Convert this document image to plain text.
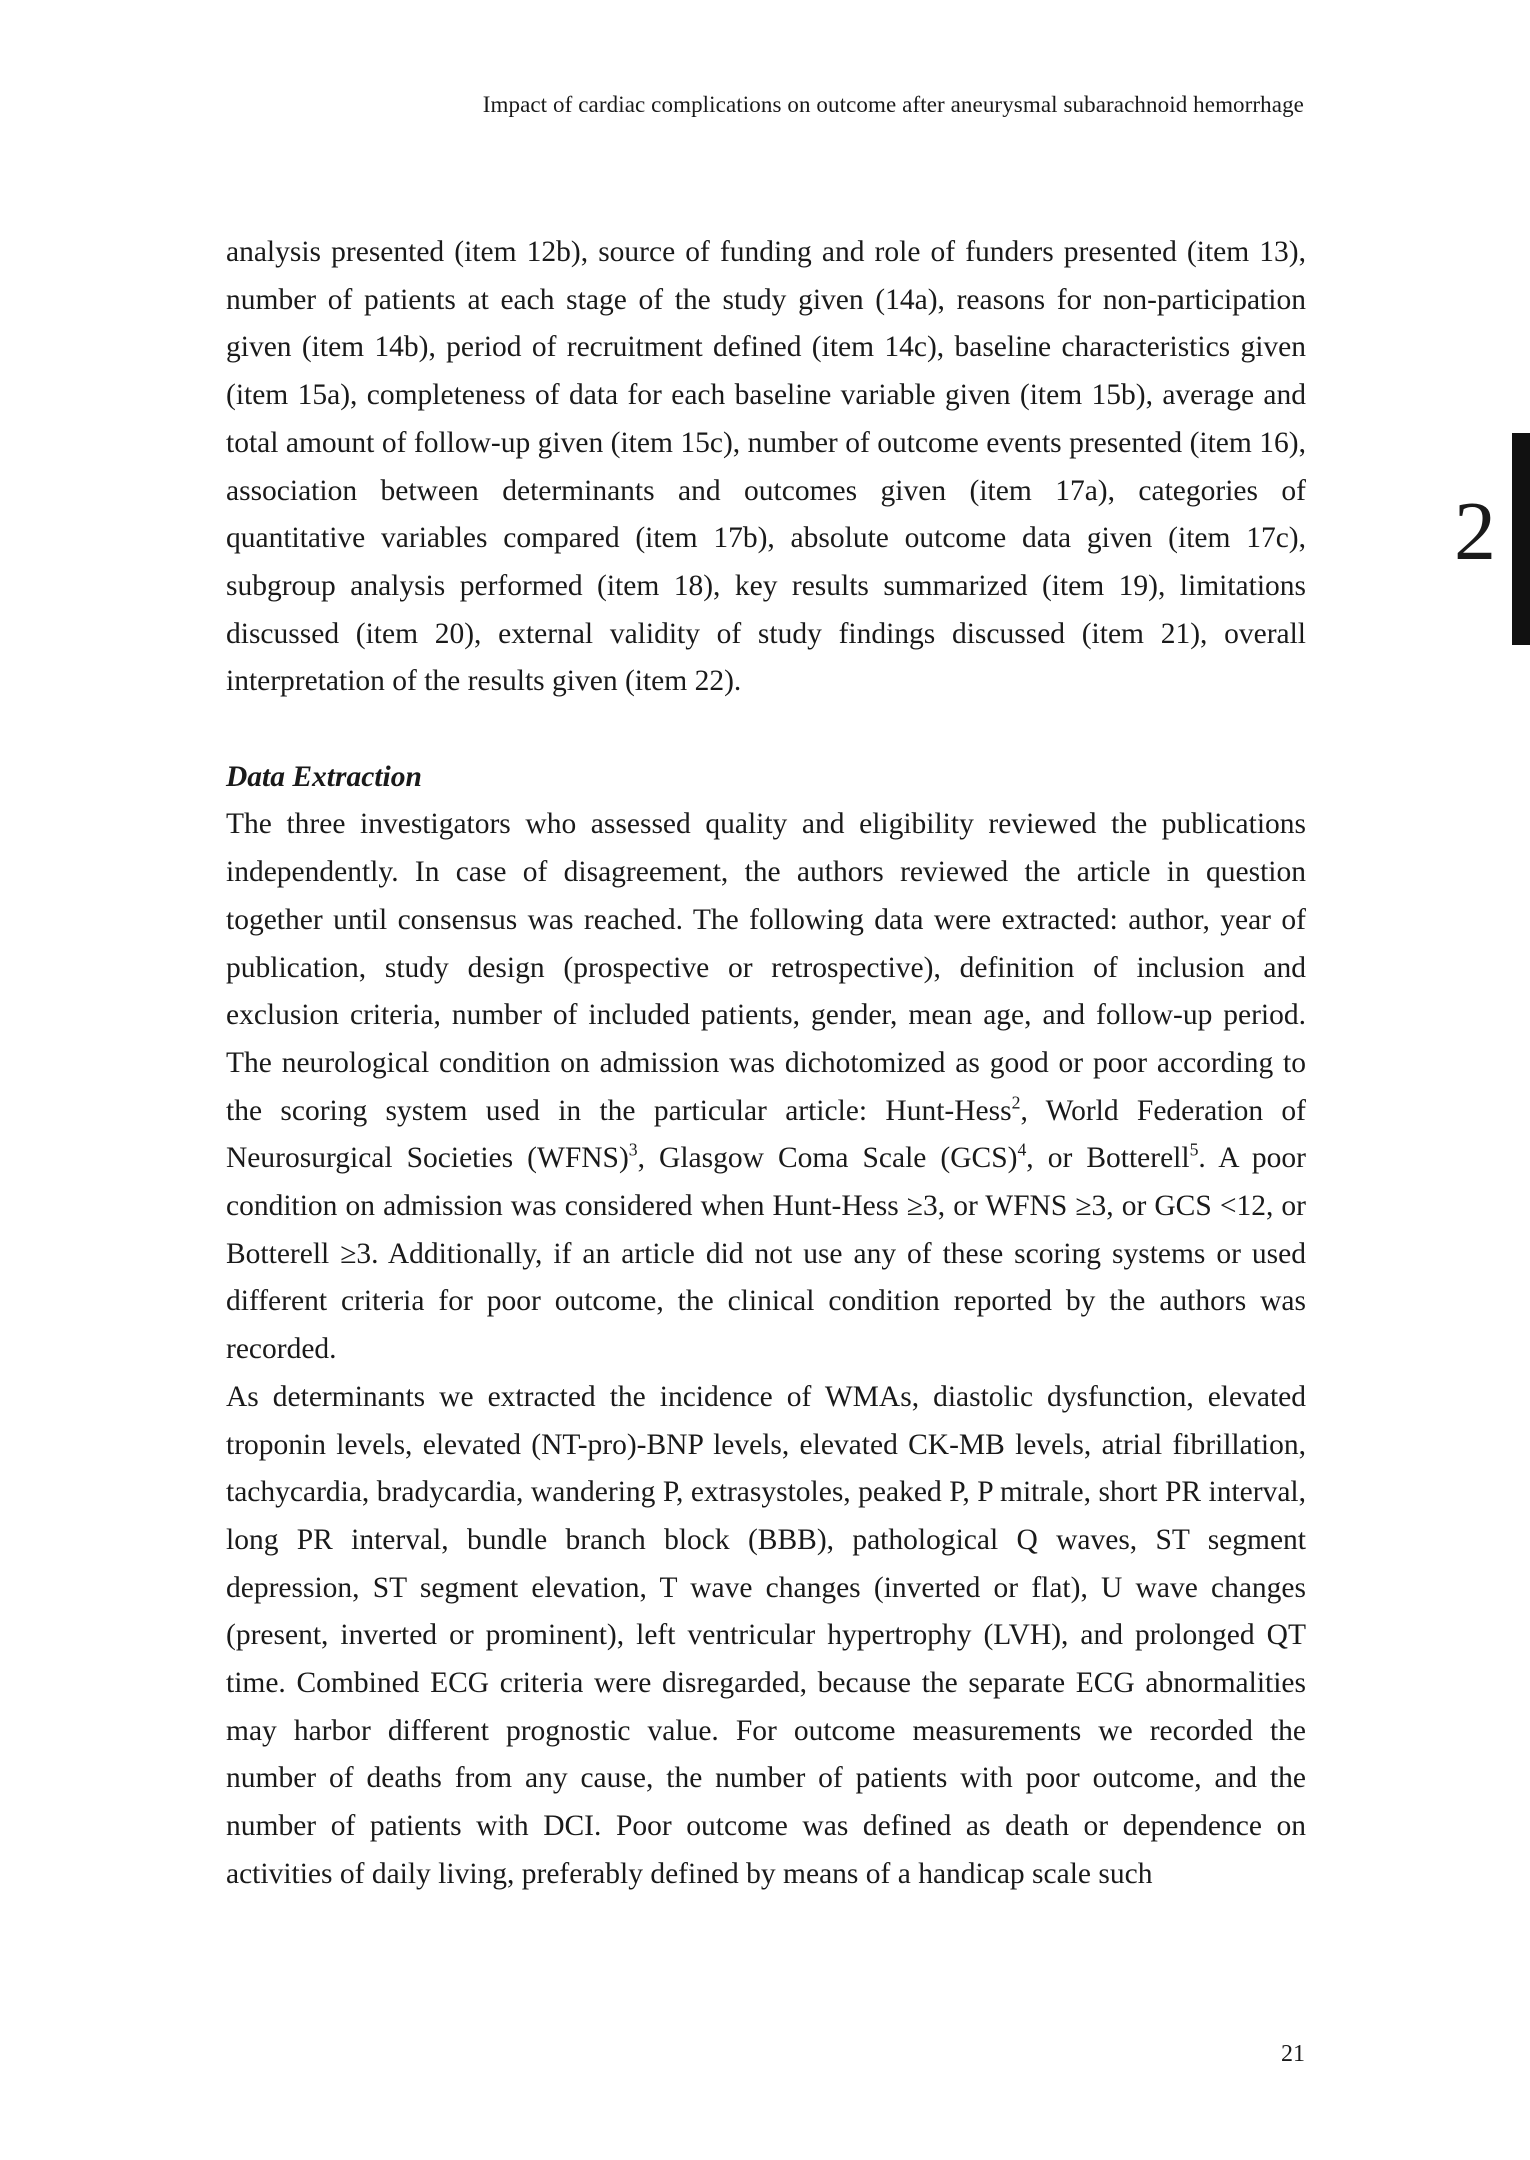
Impact of cardiac complications on outcome after aneurysmal subarachnoid hemorrhage
2

analysis presented (item 12b), source of funding and role of funders presented (item 13), number of patients at each stage of the study given (14a), reasons for non-participation given (item 14b), period of recruitment defined (item 14c), baseline characteristics given (item 15a), completeness of data for each baseline variable given (item 15b), average and total amount of follow-up given (item 15c), number of outcome events presented (item 16), association between determinants and outcomes given (item 17a), categories of quantitative variables compared (item 17b), absolute outcome data given (item 17c), subgroup analysis performed (item 18), key results summarized (item 19), limitations discussed (item 20), external validity of study findings discussed (item 21), overall interpretation of the results given (item 22).

Data Extraction

The three investigators who assessed quality and eligibility reviewed the publications independently. In case of disagreement, the authors reviewed the article in question together until consensus was reached. The following data were extracted: author, year of publication, study design (prospective or retrospective), definition of inclusion and exclusion criteria, number of included patients, gender, mean age, and follow-up period. The neurological condition on admission was dichotomized as good or poor according to the scoring system used in the particular article: Hunt-Hess$^2$, World Federation of Neurosurgical Societies (WFNS)$^3$, Glasgow Coma Scale (GCS)$^4$, or Botterell$^5$. A poor condition on admission was considered when Hunt-Hess ≥3, or WFNS ≥3, or GCS <12, or Botterell ≥3. Additionally, if an article did not use any of these scoring systems or used different criteria for poor outcome, the clinical condition reported by the authors was recorded.

As determinants we extracted the incidence of WMAs, diastolic dysfunction, elevated troponin levels, elevated (NT-pro)-BNP levels, elevated CK-MB levels, atrial fibrillation, tachycardia, bradycardia, wandering P, extrasystoles, peaked P, P mitrale, short PR interval, long PR interval, bundle branch block (BBB), pathological Q waves, ST segment depression, ST segment elevation, T wave changes (inverted or flat), U wave changes (present, inverted or prominent), left ventricular hypertrophy (LVH), and prolonged QT time. Combined ECG criteria were disregarded, because the separate ECG abnormalities may harbor different prognostic value. For outcome measurements we recorded the number of deaths from any cause, the number of patients with poor outcome, and the number of patients with DCI. Poor outcome was defined as death or dependence on activities of daily living, preferably defined by means of a handicap scale such

21
